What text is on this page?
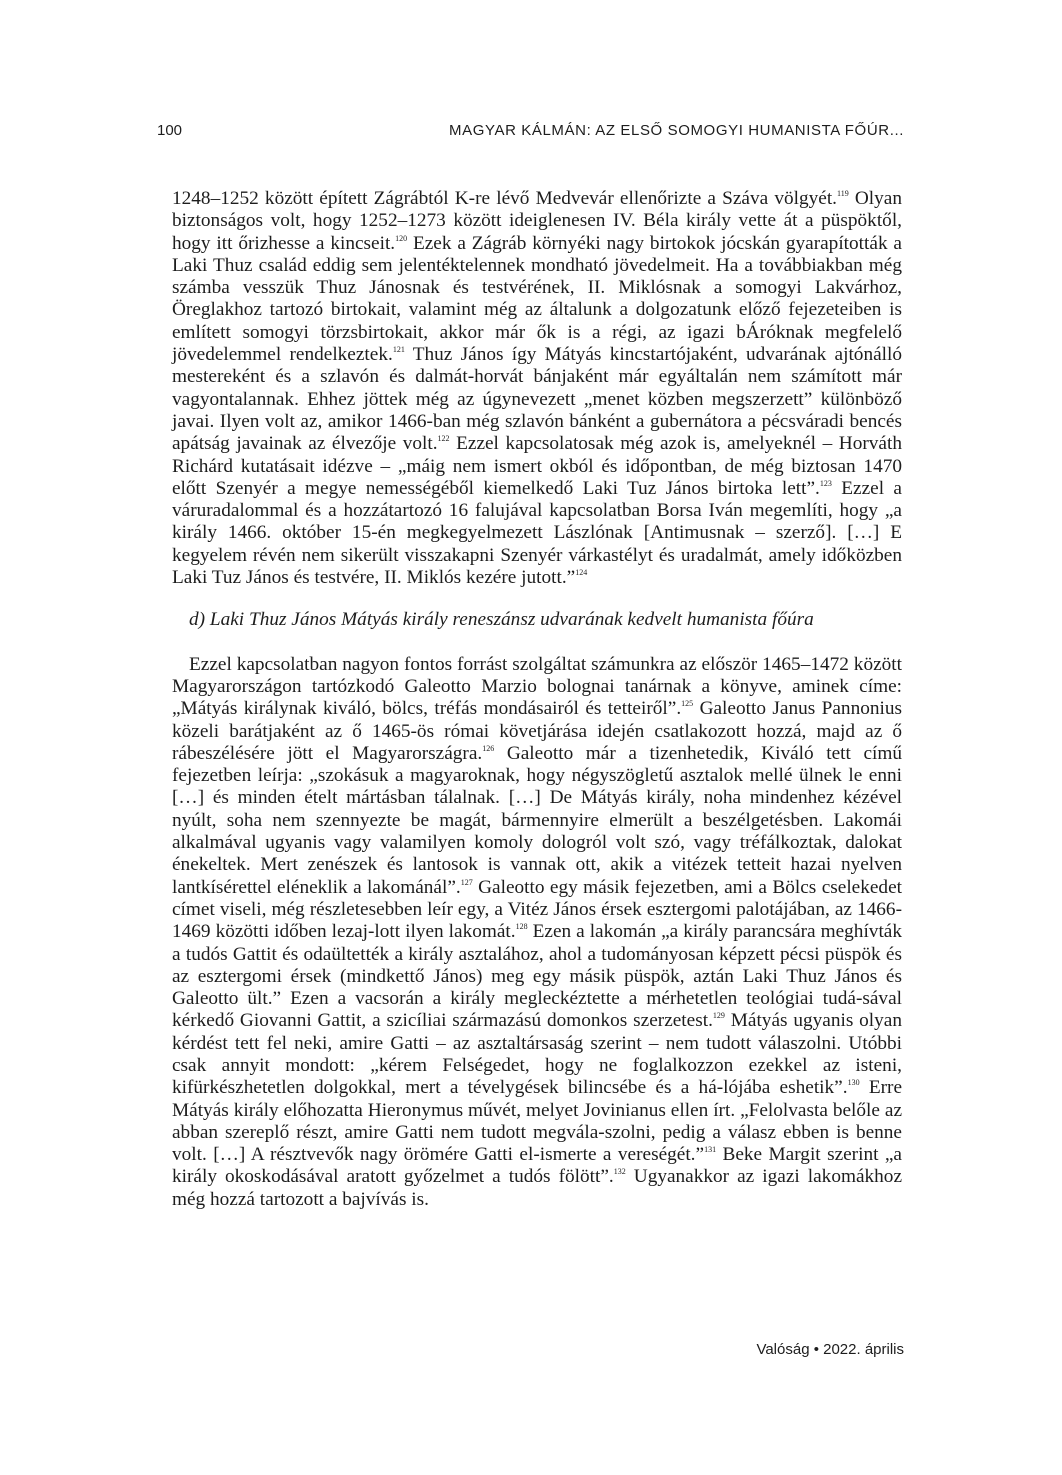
100	MAGYAR KÁLMÁN: AZ ELSŐ SOMOGYI HUMANISTA FŐÚR...

1248–1252 között épített Zágrábtól K-re lévő Medvevár ellenőrizte a Száva völgyét.$^{119}$ Olyan biztonságos volt, hogy 1252–1273 között ideiglenesen IV. Béla király vette át a püspöktől, hogy itt őrizhesse a kincseit.$^{120}$ Ezek a Zágráb környéki nagy birtokok jócskán gyarapították a Laki Thuz család eddig sem jelentéktelennek mondható jövedelmeit. Ha a továbbiakban még számba vesszük Thuz Jánosnak és testvérének, II. Miklósnak a somogyi Lakvárhoz, Öreglakhoz tartozó birtokait, valamint még az általunk a dolgozatunk előző fejezeteiben is említett somogyi törzsbirtokait, akkor már ők is a régi, az igazi bÁróknak megfelelő jövedelemmel rendelkeztek.$^{121}$ Thuz János így Mátyás kincstartójaként, udvarának ajtónálló mestereként és a szlavón és dalmát-horvát bánjaként már egyáltalán nem számított már vagyontalannak. Ehhez jöttek még az úgynevezett „menet közben megszerzett” különböző javai. Ilyen volt az, amikor 1466-ban még szlavón bánként a gubernátora a pécsváradi bencés apátság javainak az élvezője volt.$^{122}$ Ezzel kapcsolatosak még azok is, amelyeknél – Horváth Richárd kutatásait idézve – „máig nem ismert okból és időpontban, de még biztosan 1470 előtt Szenyér a megye nemességéből kiemelkedő Laki Tuz János birtoka lett”.$^{123}$ Ezzel a váruradalommal és a hozzátartozó 16 falujával kapcsolatban Borsa Iván megemlíti, hogy „a király 1466. október 15-én megkegyelmezett Lászlónak [Antimusnak – szerző]. […] E kegyelem révén nem sikerült visszakapni Szenyér várkastélyt és uradalmát, amely időközben Laki Tuz János és testvére, II. Miklós kezére jutott.”$^{124}$

d) Laki Thuz János Mátyás király reneszánsz udvarának kedvelt humanista főúra

Ezzel kapcsolatban nagyon fontos forrást szolgáltat számunkra az először 1465–1472 között Magyarországon tartózkodó Galeotto Marzio bolognai tanárnak a könyve, aminek címe: „Mátyás királynak kiváló, bölcs, tréfás mondásairól és tetteiről”.$^{125}$ Galeotto Janus Pannonius közeli barátjaként az ő 1465-ös római követjárása idején csatlakozott hozzá, majd az ő rábeszélésére jött el Magyarországra.$^{126}$ Galeotto már a tizenhetedik, Kiváló tett című fejezetben leírja: „szokásuk a magyaroknak, hogy négyszögletű asztalok mellé ülnek le enni […] és minden ételt mártásban tálalnak. […] De Mátyás király, noha mindenhez kézével nyúlt, soha nem szennyezte be magát, bármennyire elmerült a beszélgetésben. Lakomái alkalmával ugyanis vagy valamilyen komoly dologról volt szó, vagy tréfálkoztak, dalokat énekeltek. Mert zenészek és lantosok is vannak ott, akik a vitézek tetteit hazai nyelven lantkísérettel eléneklik a lakománál”.$^{127}$ Galeotto egy másik fejezetben, ami a Bölcs cselekedet címet viseli, még részletesebben leír egy, a Vitéz János érsek esztergomi palotájában, az 1466-1469 közötti időben lezaj-lott ilyen lakomát.$^{128}$ Ezen a lakomán „a király parancsára meghívták a tudós Gattit és odaültették a király asztalához, ahol a tudományosan képzett pécsi püspök és az esztergomi érsek (mindkettő János) meg egy másik püspök, aztán Laki Thuz János és Galeotto ült.” Ezen a vacsorán a király megleckéztette a mérhetetlen teológiai tudá-sával kérkedő Giovanni Gattit, a szicíliai származású domonkos szerzetest.$^{129}$ Mátyás ugyanis olyan kérdést tett fel neki, amire Gatti – az asztaltársaság szerint – nem tudott válaszolni. Utóbbi csak annyit mondott: „kérem Felségedet, hogy ne foglalkozzon ezekkel az isteni, kifürkészhetetlen dolgokkal, mert a tévelygések bilincsébe és a há-lójába eshetik”.$^{130}$ Erre Mátyás király előhozatta Hieronymus művét, melyet Jovinianus ellen írt. „Felolvasta belőle az abban szereplő részt, amire Gatti nem tudott megvála-szolni, pedig a válasz ebben is benne volt. […] A résztvevők nagy örömére Gatti el-ismerte a vereségét.”$^{131}$ Beke Margit szerint „a király okoskodásával aratott győzelmet a tudós fölött”.$^{132}$ Ugyanakkor az igazi lakomákhoz még hozzá tartozott a bajvívás is.

Valóság • 2022. április
